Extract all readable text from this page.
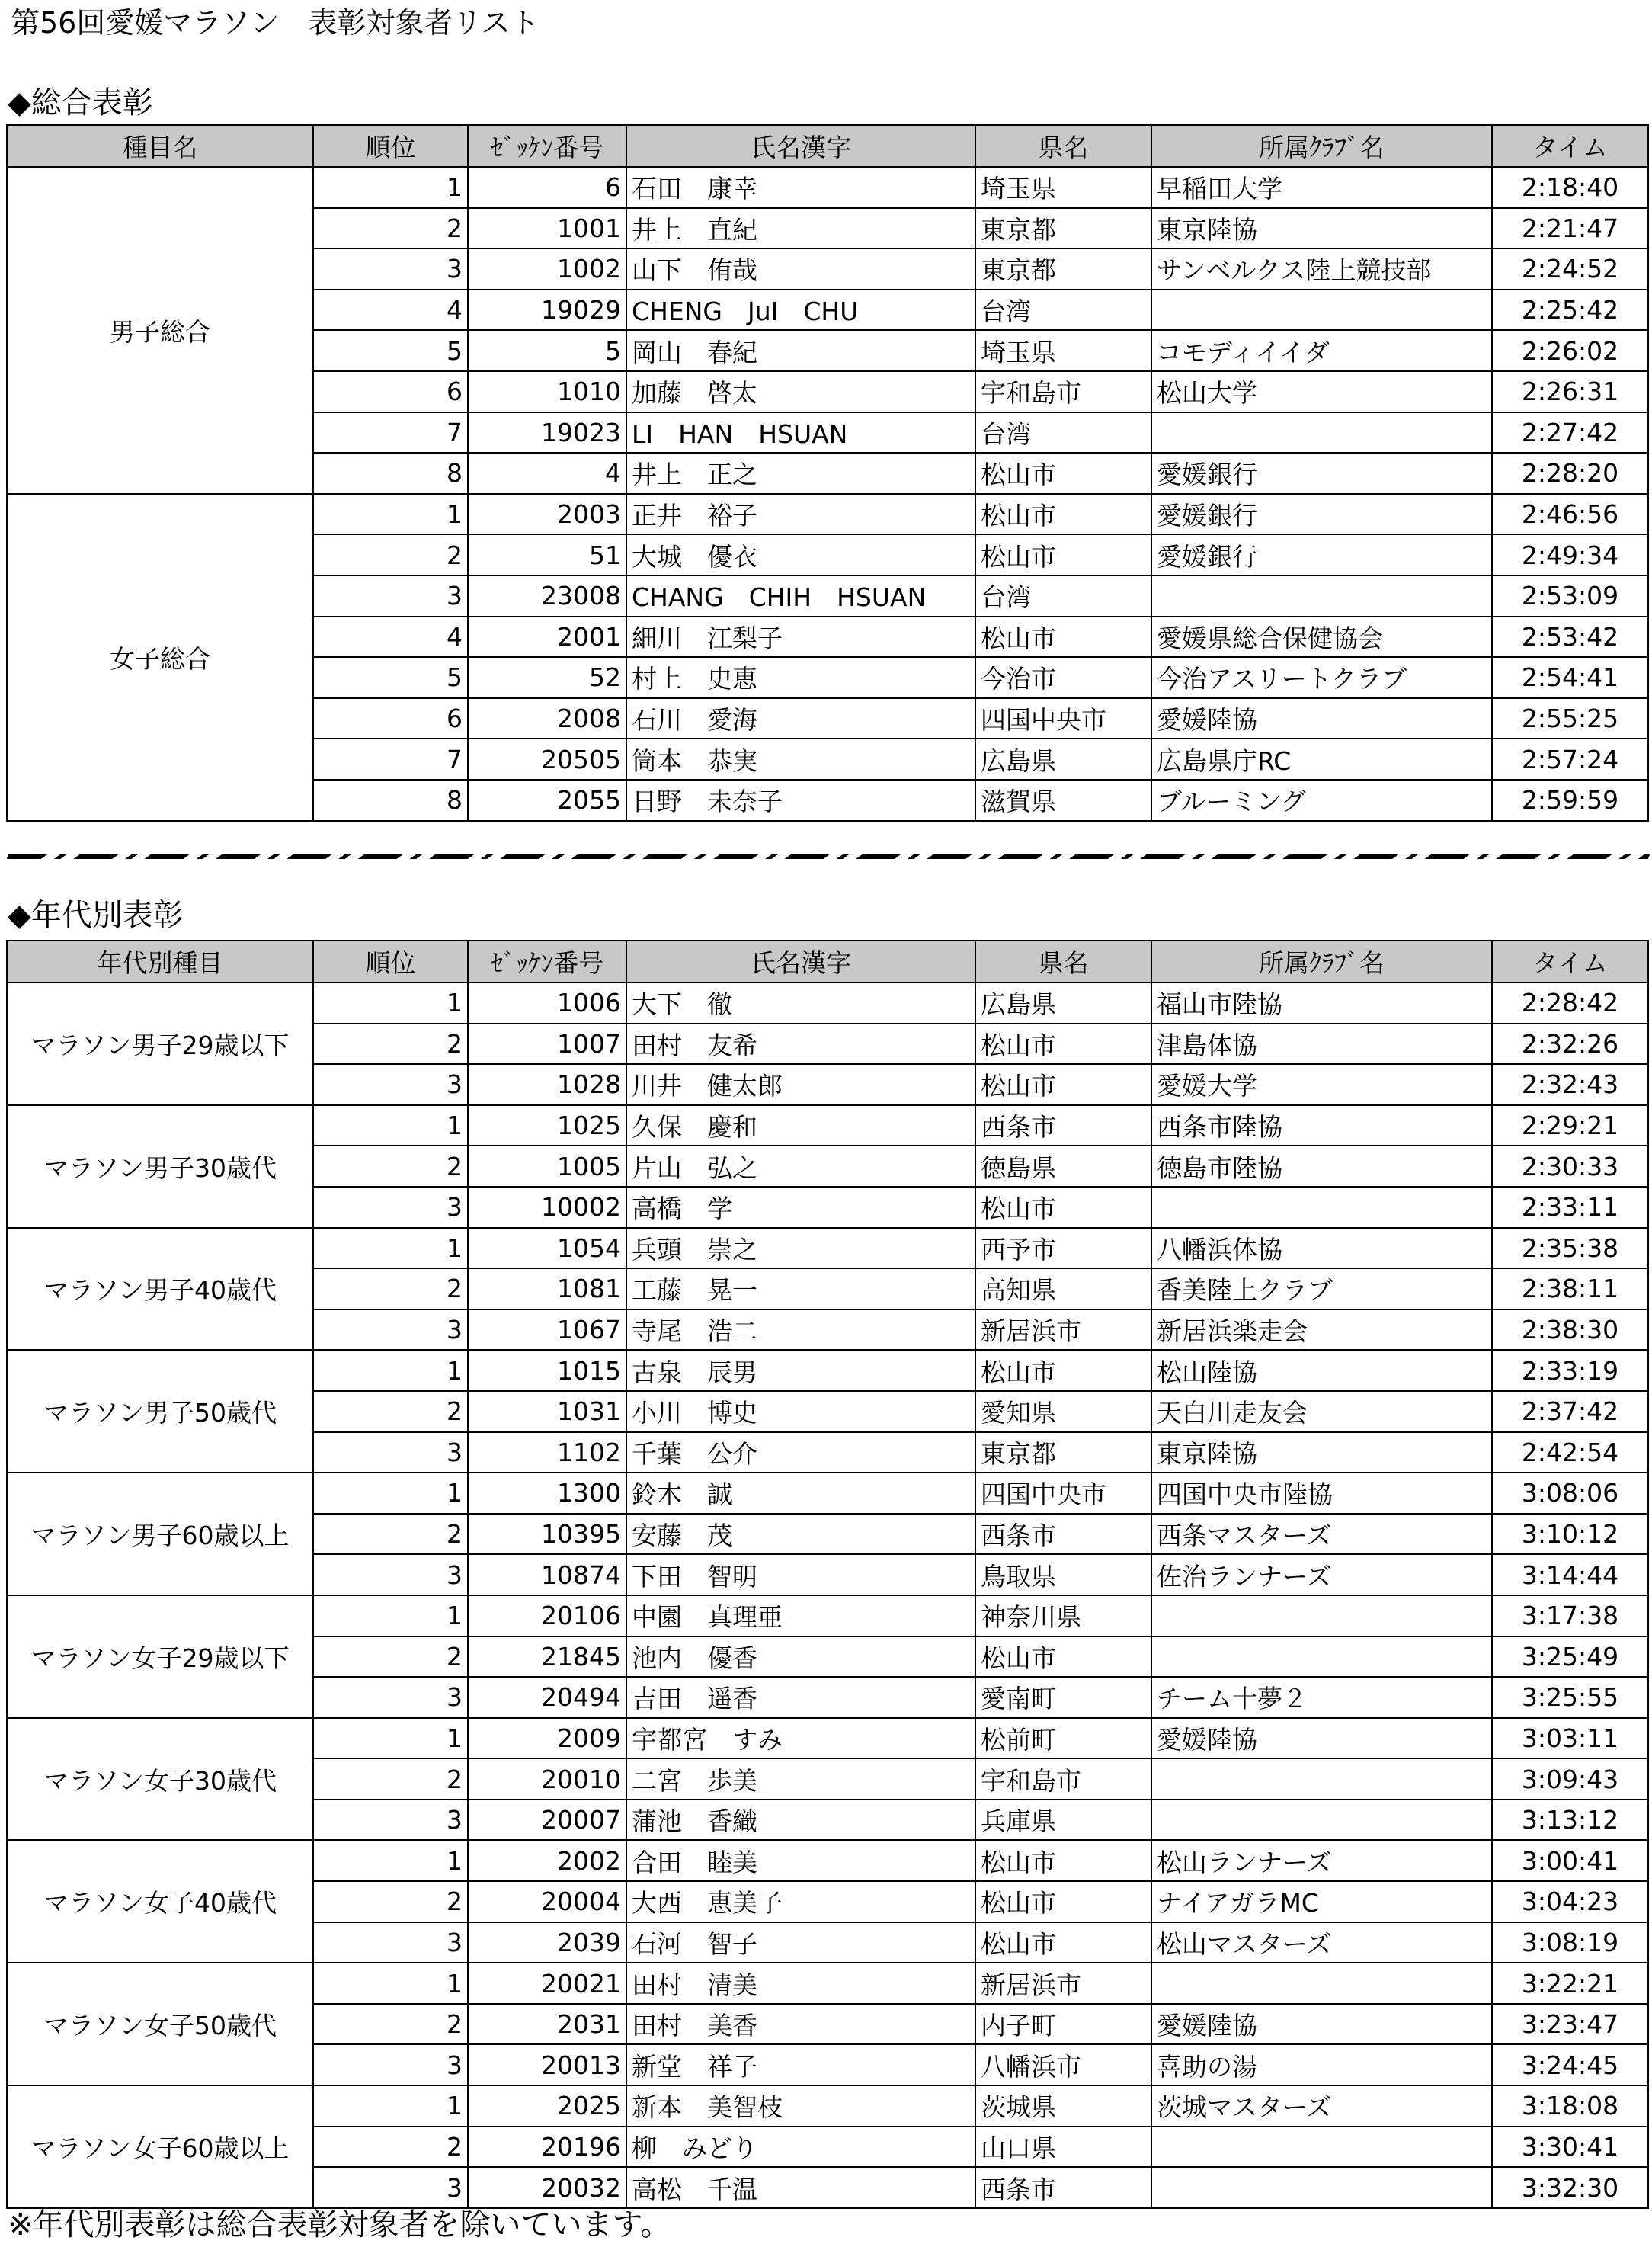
第56回愛媛マラソン　表彰対象者リスト
◆総合表彰
種目名	順位	ｾﾞｯｹﾝ番号	氏名漢字	県名	所属ｸﾗﾌﾞ名	タイム
男子総合	1	6	石田　康幸	埼玉県	早稲田大学	2:18:40
	2	1001	井上　直紀	東京都	東京陸協	2:21:47
	3	1002	山下　侑哉	東京都	サンベルクス陸上競技部	2:24:52
	4	19029	CHENG　JuI　CHU	台湾		2:25:42
	5	5	岡山　春紀	埼玉県	コモディイイダ	2:26:02
	6	1010	加藤　啓太	宇和島市	松山大学	2:26:31
	7	19023	LI　HAN　HSUAN	台湾		2:27:42
	8	4	井上　正之	松山市	愛媛銀行	2:28:20
女子総合	1	2003	正井　裕子	松山市	愛媛銀行	2:46:56
	2	51	大城　優衣	松山市	愛媛銀行	2:49:34
	3	23008	CHANG　CHIH　HSUAN	台湾		2:53:09
	4	2001	細川　江梨子	松山市	愛媛県総合保健協会	2:53:42
	5	52	村上　史恵	今治市	今治アスリートクラブ	2:54:41
	6	2008	石川　愛海	四国中央市	愛媛陸協	2:55:25
	7	20505	筒本　恭実	広島県	広島県庁RC	2:57:24
	8	2055	日野　未奈子	滋賀県	ブルーミング	2:59:59
◆年代別表彰
年代別種目	順位	ｾﾞｯｹﾝ番号	氏名漢字	県名	所属ｸﾗﾌﾞ名	タイム
マラソン男子29歳以下	1	1006	大下　徹	広島県	福山市陸協	2:28:42
	2	1007	田村　友希	松山市	津島体協	2:32:26
	3	1028	川井　健太郎	松山市	愛媛大学	2:32:43
マラソン男子30歳代	1	1025	久保　慶和	西条市	西条市陸協	2:29:21
	2	1005	片山　弘之	徳島県	徳島市陸協	2:30:33
	3	10002	高橋　学	松山市		2:33:11
マラソン男子40歳代	1	1054	兵頭　崇之	西予市	八幡浜体協	2:35:38
	2	1081	工藤　晃一	高知県	香美陸上クラブ	2:38:11
	3	1067	寺尾　浩二	新居浜市	新居浜楽走会	2:38:30
マラソン男子50歳代	1	1015	古泉　辰男	松山市	松山陸協	2:33:19
	2	1031	小川　博史	愛知県	天白川走友会	2:37:42
	3	1102	千葉　公介	東京都	東京陸協	2:42:54
マラソン男子60歳以上	1	1300	鈴木　誠	四国中央市	四国中央市陸協	3:08:06
	2	10395	安藤　茂	西条市	西条マスターズ	3:10:12
	3	10874	下田　智明	鳥取県	佐治ランナーズ	3:14:44
マラソン女子29歳以下	1	20106	中園　真理亜	神奈川県		3:17:38
	2	21845	池内　優香	松山市		3:25:49
	3	20494	吉田　遥香	愛南町	チーム十夢２	3:25:55
マラソン女子30歳代	1	2009	宇都宮　すみ	松前町	愛媛陸協	3:03:11
	2	20010	二宮　歩美	宇和島市		3:09:43
	3	20007	蒲池　香織	兵庫県		3:13:12
マラソン女子40歳代	1	2002	合田　睦美	松山市	松山ランナーズ	3:00:41
	2	20004	大西　恵美子	松山市	ナイアガラMC	3:04:23
	3	2039	石河　智子	松山市	松山マスターズ	3:08:19
マラソン女子50歳代	1	20021	田村　清美	新居浜市		3:22:21
	2	2031	田村　美香	内子町	愛媛陸協	3:23:47
	3	20013	新堂　祥子	八幡浜市	喜助の湯	3:24:45
マラソン女子60歳以上	1	2025	新本　美智枝	茨城県	茨城マスターズ	3:18:08
	2	20196	柳　みどり	山口県		3:30:41
	3	20032	高松　千温	西条市		3:32:30
※年代別表彰は総合表彰対象者を除いています。
